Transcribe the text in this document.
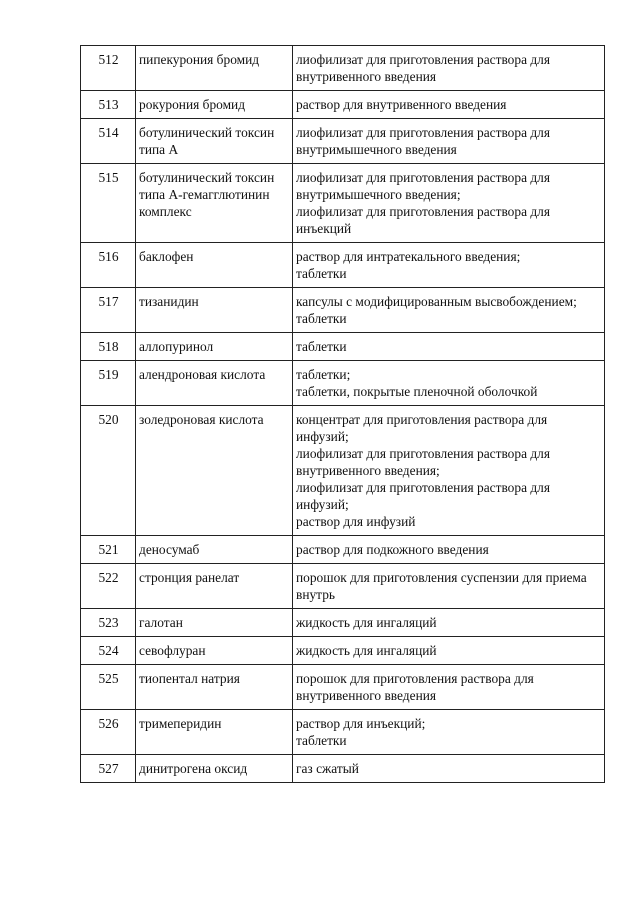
512	пипекурония бромид	лиофилизат для приготовления раствора для внутривенного введения

513	рокурония бромид	раствор для внутривенного введения

514	ботулинический токсин типа A	лиофилизат для приготовления раствора для внутримышечного введения

515	ботулинический токсин типа A-гемагглютинин комплекс	лиофилизат для приготовления раствора для внутримышечного введения;
лиофилизат для приготовления раствора для инъекций

516	баклофен	раствор для интратекального введения;
таблетки

517	тизанидин	капсулы с модифицированным высвобождением;
таблетки

518	аллопуринол	таблетки

519	алендроновая кислота	таблетки;
таблетки, покрытые пленочной оболочкой

520	золедроновая кислота	концентрат для приготовления раствора для инфузий;
лиофилизат для приготовления раствора для внутривенного введения;
лиофилизат для приготовления раствора для инфузий;
раствор для инфузий

521	деносумаб	раствор для подкожного введения

522	стронция ранелат	порошок для приготовления суспензии для приема внутрь

523	галотан	жидкость для ингаляций

524	севофлуран	жидкость для ингаляций

525	тиопентал натрия	порошок для приготовления раствора для внутривенного введения

526	тримеперидин	раствор для инъекций;
таблетки

527	динитрогена оксид	газ сжатый
